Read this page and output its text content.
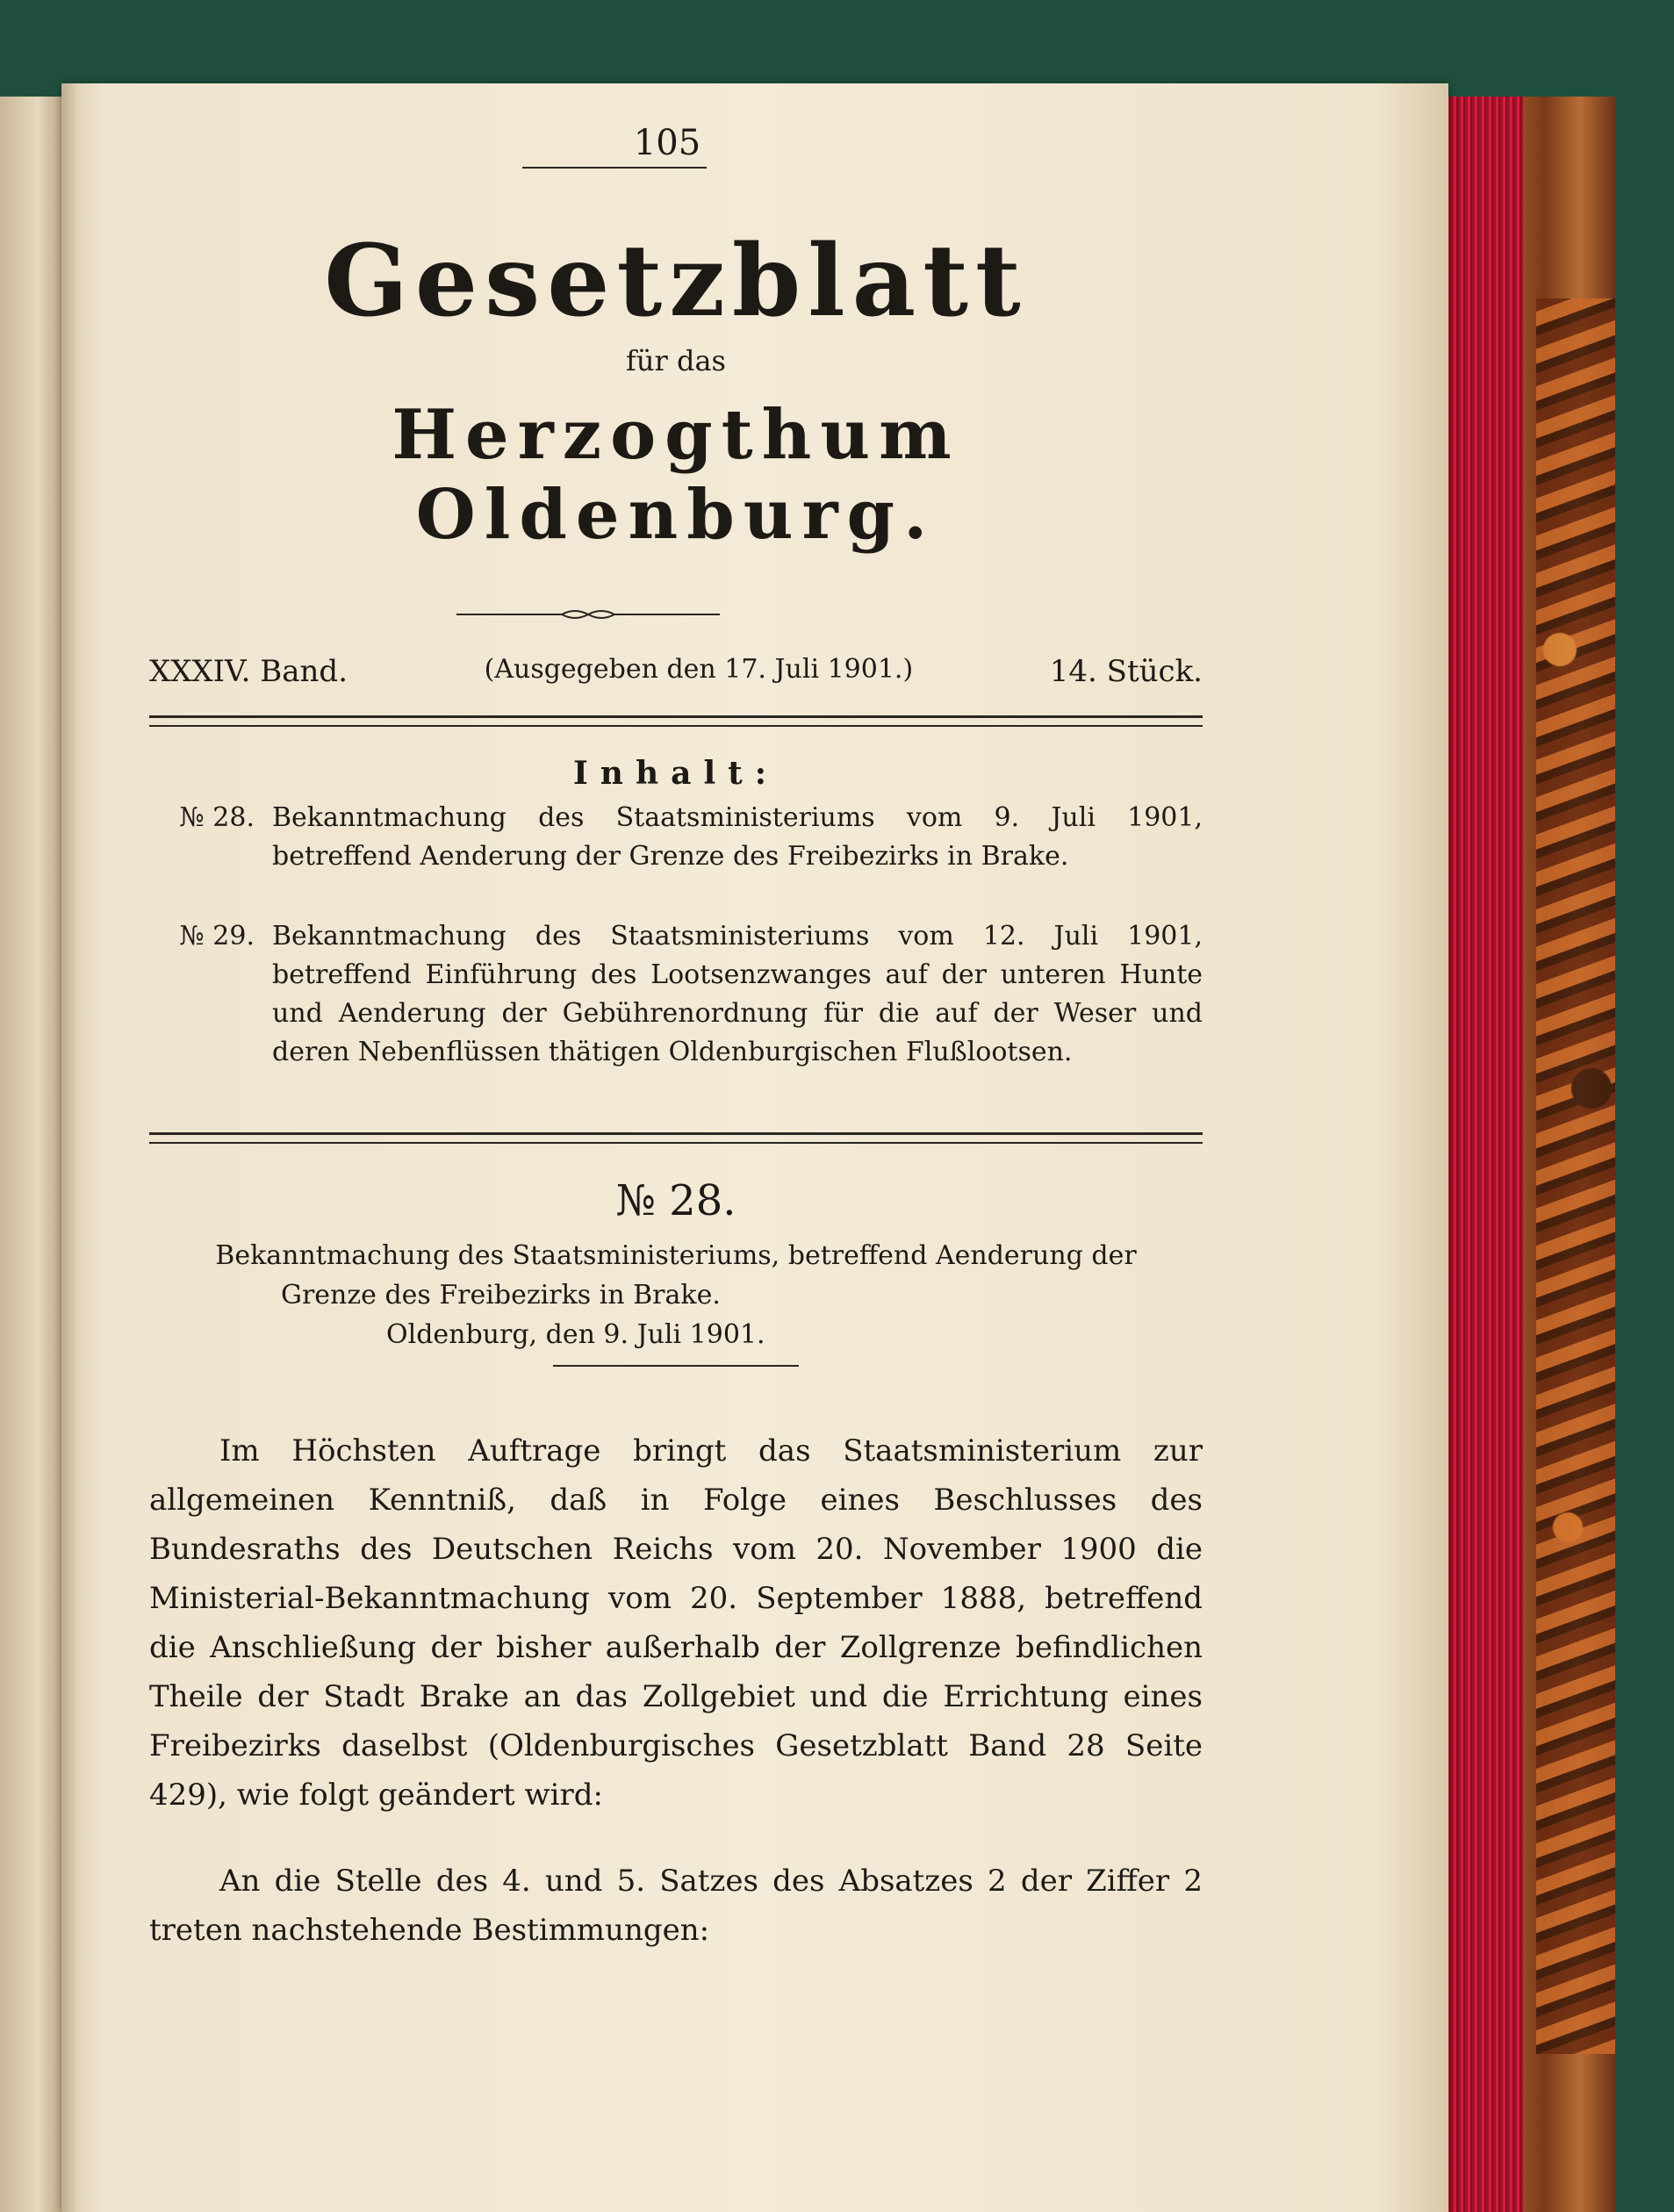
105
Gesetzblatt
für das
Herzogthum Oldenburg.
XXXIV. Band.	(Ausgegeben den 17. Juli 1901.)	14. Stück.
Inhalt:
№ 28. Bekanntmachung des Staatsministeriums vom 9. Juli 1901, betreffend Aenderung der Grenze des Freibezirks in Brake.
№ 29. Bekanntmachung des Staatsministeriums vom 12. Juli 1901, betreffend Einführung des Lootsenzwanges auf der unteren Hunte und Aenderung der Gebührenordnung für die auf der Weser und deren Nebenflüssen thätigen Oldenburgischen Flußlootsen.
№ 28.
Bekanntmachung des Staatsministeriums, betreffend Aenderung der
Grenze des Freibezirks in Brake.
Oldenburg, den 9. Juli 1901.
Im Höchsten Auftrage bringt das Staatsministerium zur allgemeinen Kenntniß, daß in Folge eines Beschlusses des Bundesraths des Deutschen Reichs vom 20. November 1900 die Ministerial-Bekanntmachung vom 20. September 1888, betreffend die Anschließung der bisher außerhalb der Zollgrenze befindlichen Theile der Stadt Brake an das Zollgebiet und die Errichtung eines Freibezirks daselbst (Oldenburgisches Gesetzblatt Band 28 Seite 429), wie folgt geändert wird:
An die Stelle des 4. und 5. Satzes des Absatzes 2 der Ziffer 2 treten nachstehende Bestimmungen:
